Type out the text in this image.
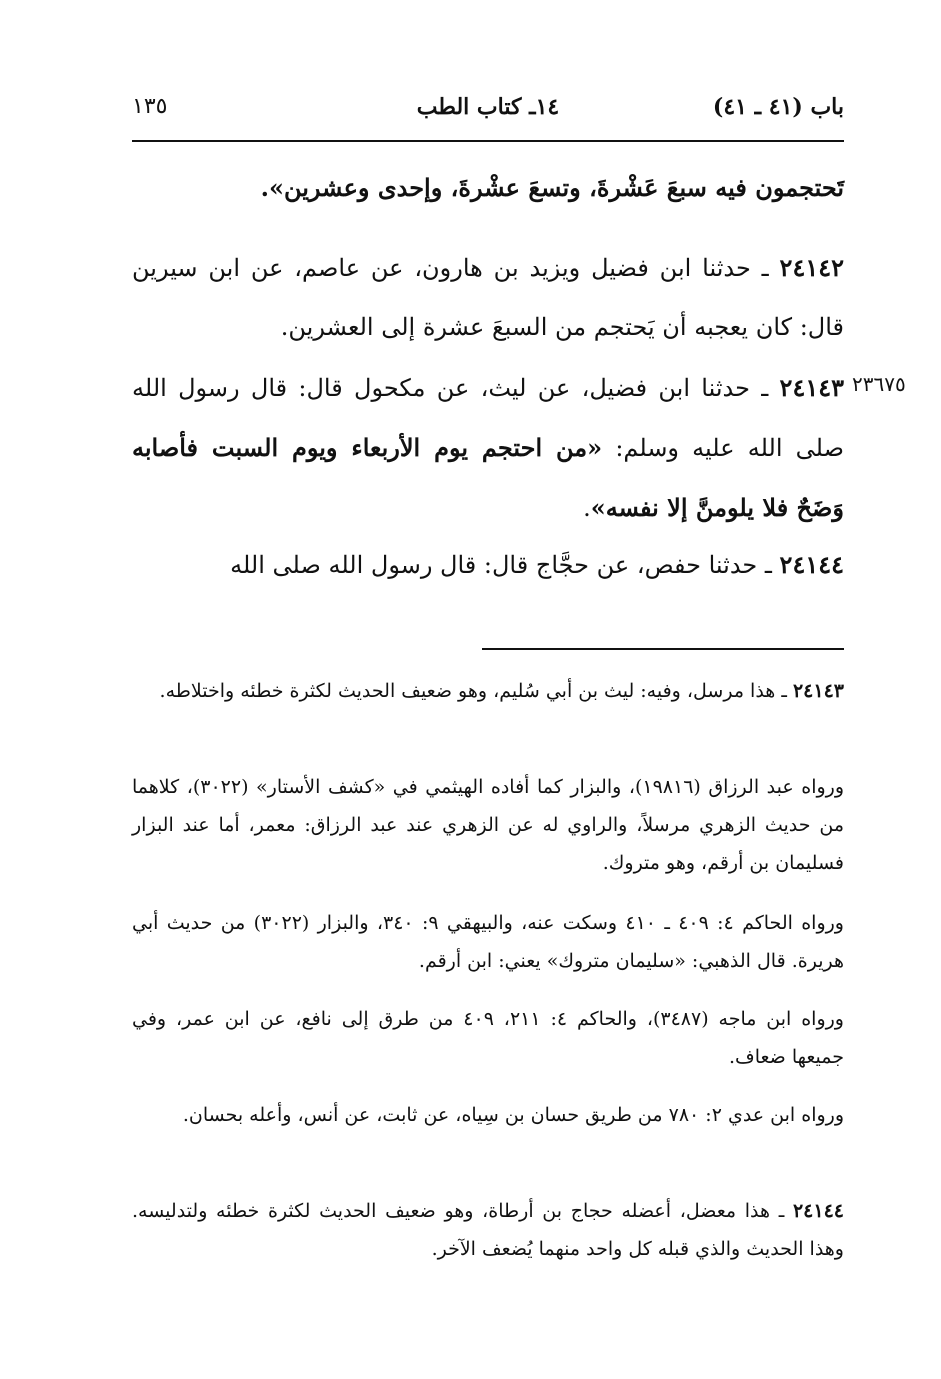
باب (٤١ ـ ٤١)
١٤ـ كتاب الطب
١٣٥
تَحتجمون فيه سبعَ عَشْرةَ، وتسعَ عشْرةَ، وإحدى وعشرين».
٢٤١٤٢ ـ حدثنا ابن فضيل ويزيد بن هارون، عن عاصم، عن ابن سيرين قال: كان يعجبه أن يَحتجم من السبعَ عشرة إلى العشرين.
٢٣٦٧٥
٢٤١٤٣ ـ حدثنا ابن فضيل، عن ليث، عن مكحول قال: قال رسول الله صلى الله عليه وسلم: «من احتجم يوم الأربعاء ويوم السبت فأصابه وَضَحٌ فلا يلومنَّ إلا نفسه».
٢٤١٤٤ ـ حدثنا حفص، عن حجَّاج قال: قال رسول الله صلى الله
٢٤١٤٣ ـ هذا مرسل، وفيه: ليث بن أبي سُليم، وهو ضعيف الحديث لكثرة خطئه واختلاطه.
ورواه عبد الرزاق (١٩٨١٦)، والبزار كما أفاده الهيثمي في «كشف الأستار» (٣٠٢٢)، كلاهما من حديث الزهري مرسلاً، والراوي له عن الزهري عند عبد الرزاق: معمر، أما عند البزار فسليمان بن أرقم، وهو متروك.
ورواه الحاكم ٤: ٤٠٩ ـ ٤١٠ وسكت عنه، والبيهقي ٩: ٣٤٠، والبزار (٣٠٢٢) من حديث أبي هريرة. قال الذهبي: «سليمان متروك» يعني: ابن أرقم.
ورواه ابن ماجه (٣٤٨٧)، والحاكم ٤: ٢١١، ٤٠٩ من طرق إلى نافع، عن ابن عمر، وفي جميعها ضعاف.
ورواه ابن عدي ٢: ٧٨٠ من طريق حسان بن سِياه، عن ثابت، عن أنس، وأعله بحسان.
٢٤١٤٤ ـ هذا معضل، أعضله حجاج بن أرطاة، وهو ضعيف الحديث لكثرة خطئه ولتدليسه. وهذا الحديث والذي قبله كل واحد منهما يُضعف الآخر.
